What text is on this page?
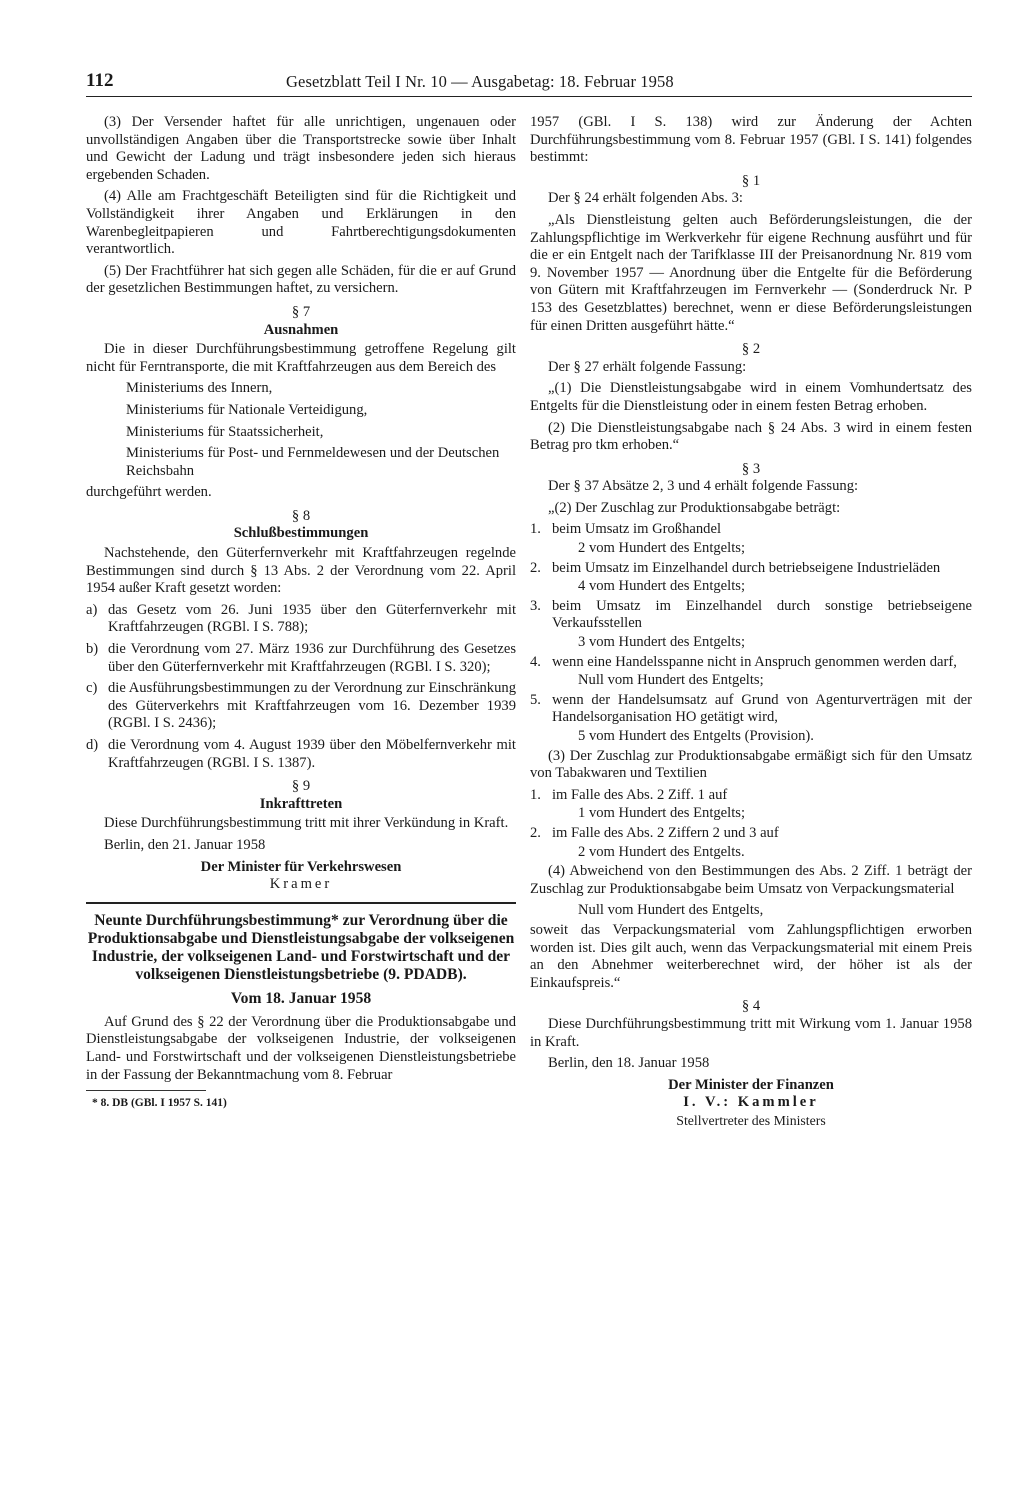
112	Gesetzblatt Teil I Nr. 10 — Ausgabetag: 18. Februar 1958

(3) Der Versender haftet für alle unrichtigen, ungenauen oder unvollständigen Angaben über die Transportstrecke sowie über Inhalt und Gewicht der Ladung und trägt insbesondere jeden sich hieraus ergebenden Schaden.

(4) Alle am Frachtgeschäft Beteiligten sind für die Richtigkeit und Vollständigkeit ihrer Angaben und Erklärungen in den Warenbegleitpapieren und Fahrtberechtigungsdokumenten verantwortlich.

(5) Der Frachtführer hat sich gegen alle Schäden, für die er auf Grund der gesetzlichen Bestimmungen haftet, zu versichern.

§ 7
Ausnahmen

Die in dieser Durchführungsbestimmung getroffene Regelung gilt nicht für Ferntransporte, die mit Kraftfahrzeugen aus dem Bereich des

Ministeriums des Innern,
Ministeriums für Nationale Verteidigung,
Ministeriums für Staatssicherheit,
Ministeriums für Post- und Fernmeldewesen und der Deutschen Reichsbahn

durchgeführt werden.

§ 8
Schlußbestimmungen

Nachstehende, den Güterfernverkehr mit Kraftfahrzeugen regelnde Bestimmungen sind durch § 13 Abs. 2 der Verordnung vom 22. April 1954 außer Kraft gesetzt worden:

a) das Gesetz vom 26. Juni 1935 über den Güterfernverkehr mit Kraftfahrzeugen (RGBl. I S. 788);
b) die Verordnung vom 27. März 1936 zur Durchführung des Gesetzes über den Güterfernverkehr mit Kraftfahrzeugen (RGBl. I S. 320);
c) die Ausführungsbestimmungen zu der Verordnung zur Einschränkung des Güterverkehrs mit Kraftfahrzeugen vom 16. Dezember 1939 (RGBl. I S. 2436);
d) die Verordnung vom 4. August 1939 über den Möbelfernverkehr mit Kraftfahrzeugen (RGBl. I S. 1387).
§ 9
Inkrafttreten

Diese Durchführungsbestimmung tritt mit ihrer Verkündung in Kraft.

Berlin, den 21. Januar 1958

Der Minister für Verkehrswesen
Kramer
Neunte Durchführungsbestimmung* zur Verordnung über die Produktionsabgabe und Dienstleistungsabgabe der volkseigenen Industrie, der volkseigenen Land- und Forstwirtschaft und der volkseigenen Dienstleistungsbetriebe (9. PDADB).
Vom 18. Januar 1958

Auf Grund des § 22 der Verordnung über die Produktionsabgabe und Dienstleistungsabgabe der volkseigenen Industrie, der volkseigenen Land- und Forstwirtschaft und der volkseigenen Dienstleistungsbetriebe in der Fassung der Bekanntmachung vom 8. Februar

* 8. DB (GBl. I 1957 S. 141)

1957 (GBl. I S. 138) wird zur Änderung der Achten Durchführungsbestimmung vom 8. Februar 1957 (GBl. I S. 141) folgendes bestimmt:

§ 1

Der § 24 erhält folgenden Abs. 3:

„Als Dienstleistung gelten auch Beförderungsleistungen, die der Zahlungspflichtige im Werkverkehr für eigene Rechnung ausführt und für die er ein Entgelt nach der Tarifklasse III der Preisanordnung Nr. 819 vom 9. November 1957 — Anordnung über die Entgelte für die Beförderung von Gütern mit Kraftfahrzeugen im Fernverkehr — (Sonderdruck Nr. P 153 des Gesetzblattes) berechnet, wenn er diese Beförderungsleistungen für einen Dritten ausgeführt hätte.“

§ 2

Der § 27 erhält folgende Fassung:

„(1) Die Dienstleistungsabgabe wird in einem Vomhundertsatz des Entgelts für die Dienstleistung oder in einem festen Betrag erhoben.

(2) Die Dienstleistungsabgabe nach § 24 Abs. 3 wird in einem festen Betrag pro tkm erhoben.“

§ 3

Der § 37 Absätze 2, 3 und 4 erhält folgende Fassung:

„(2) Der Zuschlag zur Produktionsabgabe beträgt:

1. beim Umsatz im Großhandel
2 vom Hundert des Entgelts;
2. beim Umsatz im Einzelhandel durch betriebseigene Industrieläden
4 vom Hundert des Entgelts;
3. beim Umsatz im Einzelhandel durch sonstige betriebseigene Verkaufsstellen
3 vom Hundert des Entgelts;
4. wenn eine Handelsspanne nicht in Anspruch genommen werden darf,
Null vom Hundert des Entgelts;
5. wenn der Handelsumsatz auf Grund von Agenturverträgen mit der Handelsorganisation HO getätigt wird,
5 vom Hundert des Entgelts (Provision).

(3) Der Zuschlag zur Produktionsabgabe ermäßigt sich für den Umsatz von Tabakwaren und Textilien

1. im Falle des Abs. 2 Ziff. 1 auf
1 vom Hundert des Entgelts;
2. im Falle des Abs. 2 Ziffern 2 und 3 auf
2 vom Hundert des Entgelts.

(4) Abweichend von den Bestimmungen des Abs. 2 Ziff. 1 beträgt der Zuschlag zur Produktionsabgabe beim Umsatz von Verpackungsmaterial

Null vom Hundert des Entgelts,

soweit das Verpackungsmaterial vom Zahlungspflichtigen erworben worden ist. Dies gilt auch, wenn das Verpackungsmaterial mit einem Preis an den Abnehmer weiterberechnet wird, der höher ist als der Einkaufspreis.“

§ 4

Diese Durchführungsbestimmung tritt mit Wirkung vom 1. Januar 1958 in Kraft.

Berlin, den 18. Januar 1958

Der Minister der Finanzen
I. V.: Kammler
Stellvertreter des Ministers
